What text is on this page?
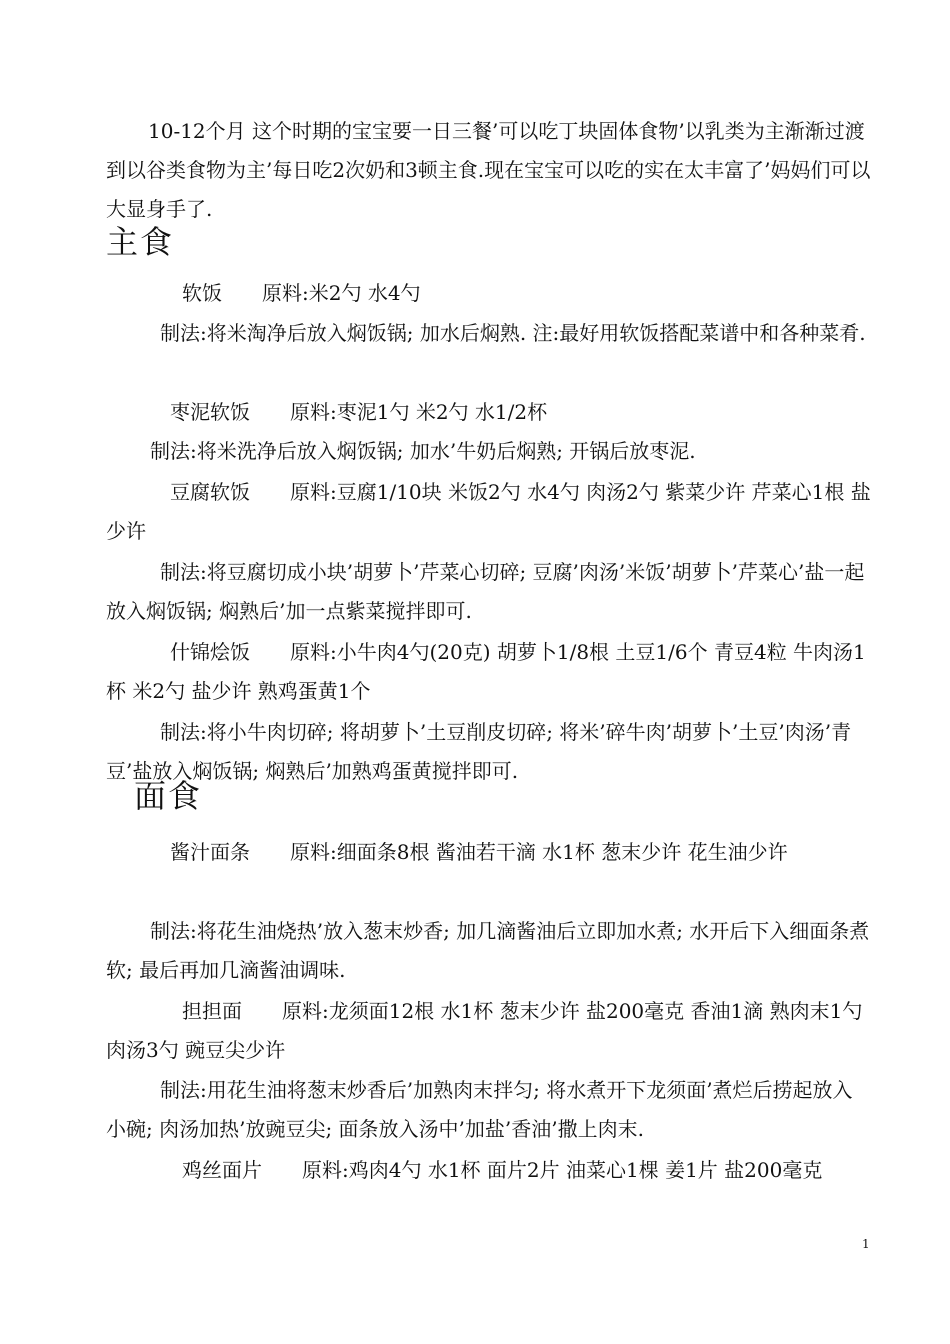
10-12个月 这个时期的宝宝要一日三餐’可以吃丁块固体食物’以乳类为主渐渐过渡到以谷类食物为主’每日吃2次奶和3顿主食.现在宝宝可以吃的实在太丰富了’妈妈们可以大显身手了.

主食

软饭 原料:米2勺 水4勺

制法:将米淘净后放入焖饭锅; 加水后焖熟. 注:最好用软饭搭配菜谱中和各种菜肴.

枣泥软饭 原料:枣泥1勺 米2勺 水1/2杯

制法:将米洗净后放入焖饭锅; 加水’牛奶后焖熟; 开锅后放枣泥.

豆腐软饭 原料:豆腐1/10块 米饭2勺 水4勺 肉汤2勺 紫菜少许 芹菜心1根 盐少许

制法:将豆腐切成小块’胡萝卜’芹菜心切碎; 豆腐’肉汤’米饭’胡萝卜’芹菜心’盐一起放入焖饭锅; 焖熟后’加一点紫菜搅拌即可.

什锦烩饭 原料:小牛肉4勺(20克) 胡萝卜1/8根 土豆1/6个 青豆4粒 牛肉汤1杯 米2勺 盐少许 熟鸡蛋黄1个

制法:将小牛肉切碎; 将胡萝卜’土豆削皮切碎; 将米’碎牛肉’胡萝卜’土豆’肉汤’青豆’盐放入焖饭锅; 焖熟后’加熟鸡蛋黄搅拌即可.

面食

酱汁面条 原料:细面条8根 酱油若干滴 水1杯 葱末少许 花生油少许

制法:将花生油烧热’放入葱末炒香; 加几滴酱油后立即加水煮; 水开后下入细面条煮软; 最后再加几滴酱油调味.

担担面 原料:龙须面12根 水1杯 葱末少许 盐200毫克 香油1滴 熟肉末1勺 肉汤3勺 豌豆尖少许

制法:用花生油将葱末炒香后’加熟肉末拌匀; 将水煮开下龙须面’煮烂后捞起放入小碗; 肉汤加热’放豌豆尖; 面条放入汤中’加盐’香油’撒上肉末.

鸡丝面片 原料:鸡肉4勺 水1杯 面片2片 油菜心1棵 姜1片 盐200毫克

1
